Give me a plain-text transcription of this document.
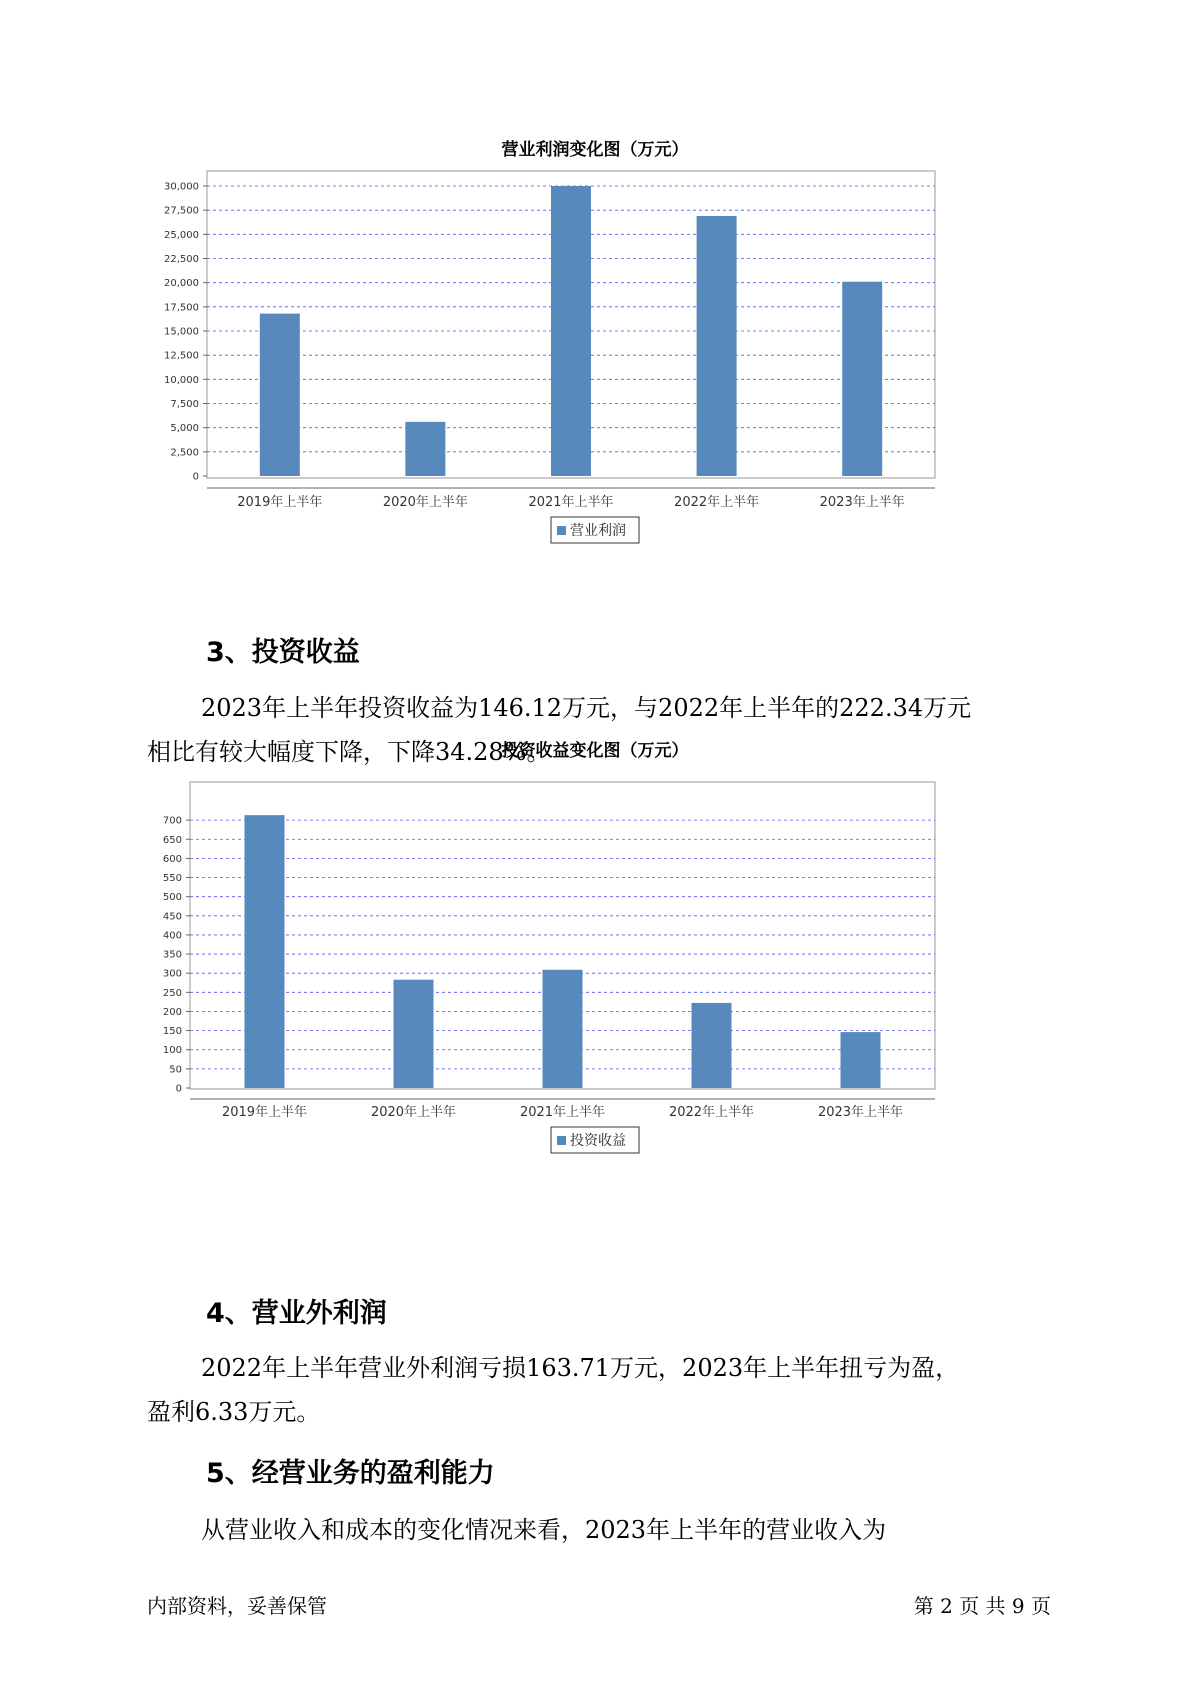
营业利润变化图（万元）
0
2,500
5,000
7,500
10,000
12,500
15,000
17,500
20,000
22,500
25,000
27,500
30,000
2019年上半年	2020年上半年	2021年上半年	2022年上半年	2023年上半年
营业利润
3、投资收益
2023年上半年投资收益为146.12万元，与2022年上半年的222.34万元
相比有较大幅度下降，下降34.28%。
投资收益变化图（万元）
0
50
100
150
200
250
300
350
400
450
500
550
600
650
700
2019年上半年	2020年上半年	2021年上半年	2022年上半年	2023年上半年
投资收益
4、营业外利润
2022年上半年营业外利润亏损163.71万元，2023年上半年扭亏为盈，
盈利6.33万元。
5、经营业务的盈利能力
从营业收入和成本的变化情况来看，2023年上半年的营业收入为
内部资料，妥善保管	第 2 页 共 9 页
